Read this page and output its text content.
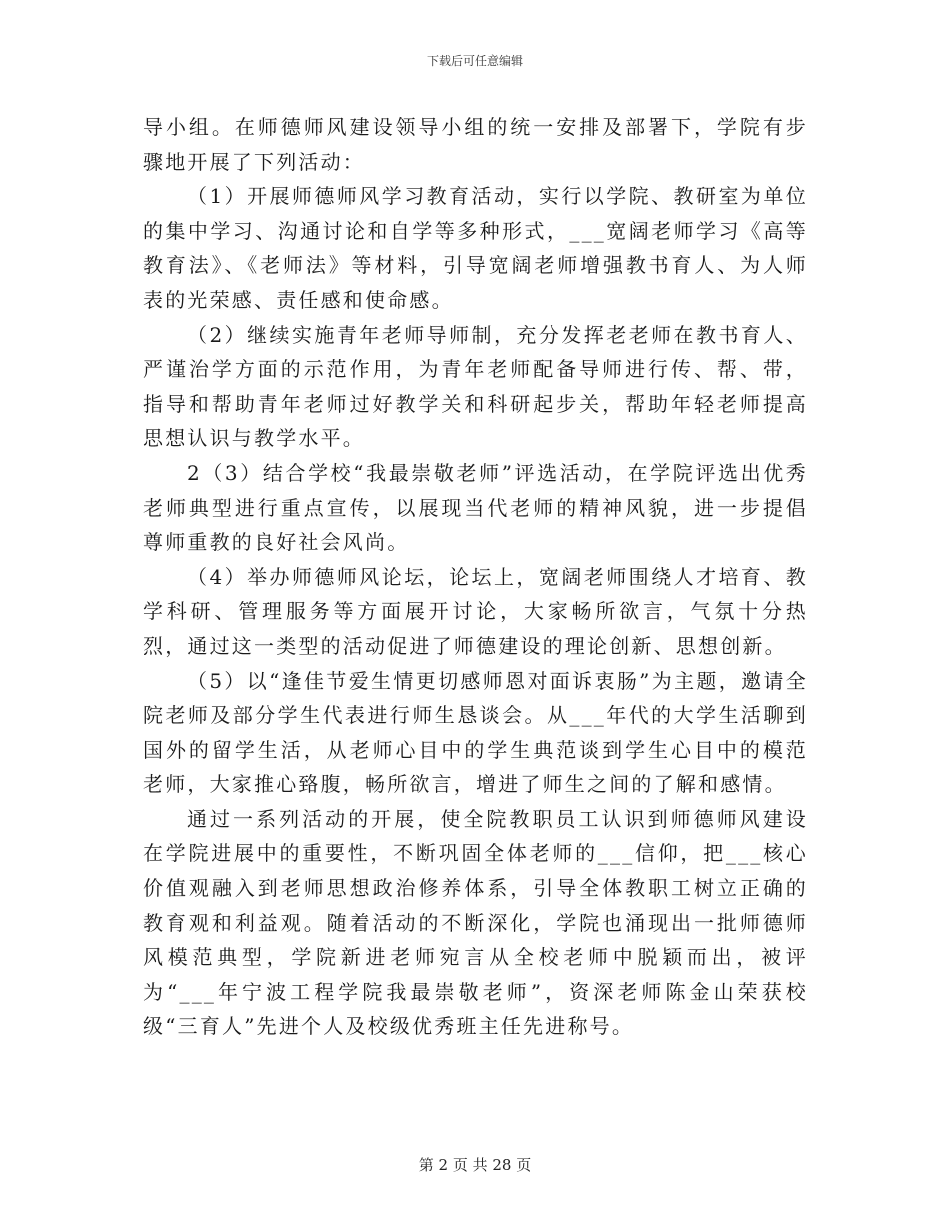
下载后可任意编辑

导小组。在师德师风建设领导小组的统一安排及部署下，学院有步骤地开展了下列活动：

（1）开展师德师风学习教育活动，实行以学院、教研室为单位的集中学习、沟通讨论和自学等多种形式，___宽阔老师学习《高等教育法》、《老师法》等材料，引导宽阔老师增强教书育人、为人师表的光荣感、责任感和使命感。

（2）继续实施青年老师导师制，充分发挥老老师在教书育人、严谨治学方面的示范作用，为青年老师配备导师进行传、帮、带，指导和帮助青年老师过好教学关和科研起步关，帮助年轻老师提高思想认识与教学水平。

2（3）结合学校“我最崇敬老师”评选活动，在学院评选出优秀老师典型进行重点宣传，以展现当代老师的精神风貌，进一步提倡尊师重教的良好社会风尚。

（4）举办师德师风论坛，论坛上，宽阔老师围绕人才培育、教学科研、管理服务等方面展开讨论，大家畅所欲言，气氛十分热烈，通过这一类型的活动促进了师德建设的理论创新、思想创新。

（5）以“逢佳节爱生情更切感师恩对面诉衷肠”为主题，邀请全院老师及部分学生代表进行师生恳谈会。从___年代的大学生活聊到国外的留学生活，从老师心目中的学生典范谈到学生心目中的模范老师，大家推心臵腹，畅所欲言，增进了师生之间的了解和感情。

通过一系列活动的开展，使全院教职员工认识到师德师风建设在学院进展中的重要性，不断巩固全体老师的___信仰，把___核心价值观融入到老师思想政治修养体系，引导全体教职工树立正确的教育观和利益观。随着活动的不断深化，学院也涌现出一批师德师风模范典型，学院新进老师宛言从全校老师中脱颖而出，被评为“___年宁波工程学院我最崇敬老师”，资深老师陈金山荣获校级“三育人”先进个人及校级优秀班主任先进称号。

第 2 页 共 28 页
